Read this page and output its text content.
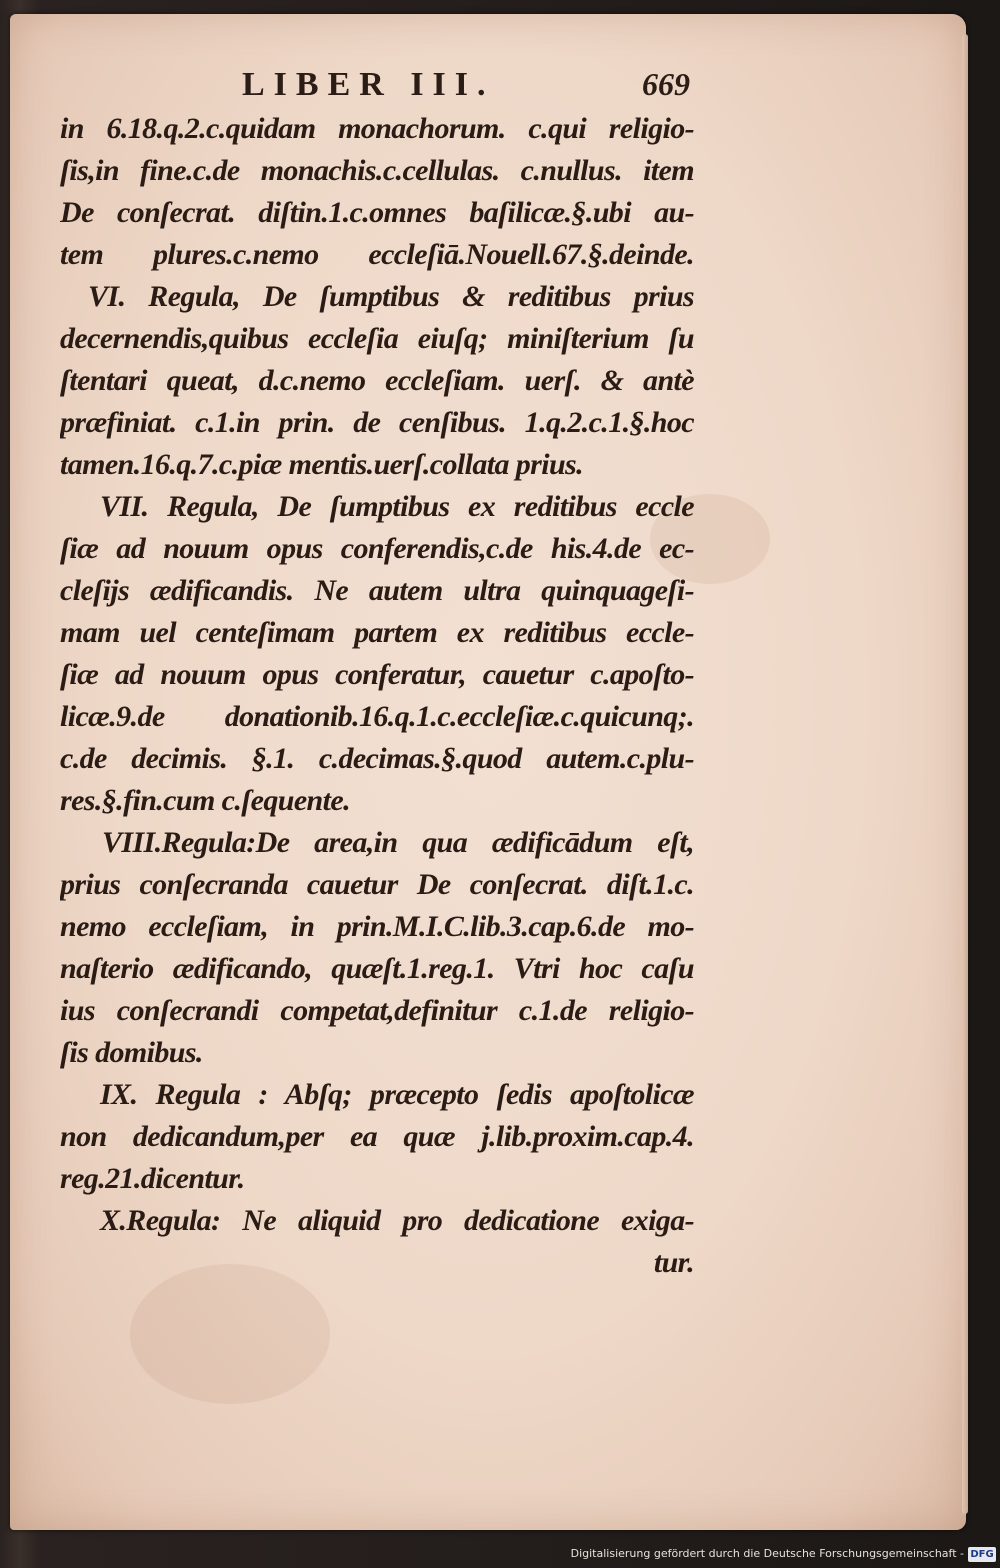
LIBER III.	669
in 6.18.q.2.c.quidam monachorum. c.qui religio-
ſis,in fine.c.de monachis.c.cellulas. c.nullus. item
De conſecrat. diſtin.1.c.omnes baſilicæ.§.ubi au-
tem plures.c.nemo eccleſiā.Nouell.67.§.deinde.
VI. Regula, De ſumptibus & reditibus prius
decernendis,quibus eccleſia eiuſq; miniſterium ſu
ſtentari queat, d.c.nemo eccleſiam. uerſ. & antè
præfiniat. c.1.in prin. de cenſibus. 1.q.2.c.1.§.hoc
tamen.16.q.7.c.piæ mentis.uerſ.collata prius.
VII. Regula, De ſumptibus ex reditibus eccle
ſiæ ad nouum opus conferendis,c.de his.4.de ec-
cleſijs ædificandis. Ne autem ultra quinquageſi-
mam uel centeſimam partem ex reditibus eccle-
ſiæ ad nouum opus conferatur, cauetur c.apoſto-
licæ.9.de donationib.16.q.1.c.eccleſiæ.c.quicunq;.
c.de decimis. §.1. c.decimas.§.quod autem.c.plu-
res.§.fin.cum c.ſequente.
VIII.Regula:De area,in qua ædificādum eſt,
prius conſecranda cauetur De conſecrat. diſt.1.c.
nemo eccleſiam, in prin.M.I.C.lib.3.cap.6.de mo-
naſterio ædificando, quæſt.1.reg.1. Vtri hoc caſu
ius conſecrandi competat,definitur c.1.de religio-
ſis domibus.
IX. Regula : Abſq; præcepto ſedis apoſtolicæ
non dedicandum,per ea quæ j.lib.proxim.cap.4.
reg.21.dicentur.
X.Regula: Ne aliquid pro dedicatione exiga-
tur.
Digitalisierung gefördert durch die Deutsche Forschungsgemeinschaft - DFG
